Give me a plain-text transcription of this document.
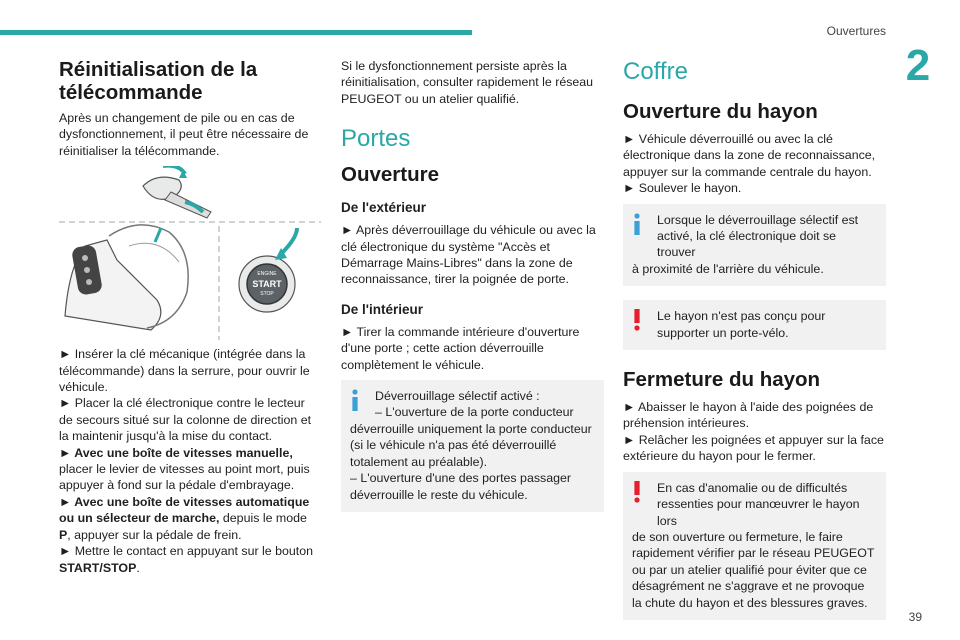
Ouvertures
2
39
Réinitialisation de la télécommande

Après un changement de pile ou en cas de dysfonctionnement, il peut être nécessaire de réinitialiser la télécommande.

ENGINE
START
STOP

► Insérer la clé mécanique (intégrée dans la télécommande) dans la serrure, pour ouvrir le véhicule.

► Placer la clé électronique contre le lecteur de secours situé sur la colonne de direction et la maintenir jusqu'à la mise du contact.

► Avec une boîte de vitesses manuelle,
placer le levier de vitesses au point mort, puis appuyer à fond sur la pédale d'embrayage.

► Avec une boîte de vitesses automatique ou un sélecteur de marche, depuis le mode P, appuyer sur la pédale de frein.

► Mettre le contact en appuyant sur le bouton START/STOP.

Si le dysfonctionnement persiste après la réinitialisation, consulter rapidement le réseau PEUGEOT ou un atelier qualifié.

Portes
Ouverture
De l'extérieur

► Après déverrouillage du véhicule ou avec la clé électronique du système "Accès et Démarrage Mains-Libres" dans la zone de reconnaissance, tirer la poignée de porte.

De l'intérieur

► Tirer la commande intérieure d'ouverture d'une porte ; cette action déverrouille complètement le véhicule.

Déverrouillage sélectif activé :
– L'ouverture de la porte conducteur
déverrouille uniquement la porte conducteur (si le véhicule n'a pas été déverrouillé totalement au préalable).
– L'ouverture d'une des portes passager déverrouille le reste du véhicule.
Coffre
Ouverture du hayon

► Véhicule déverrouillé ou avec la clé électronique dans la zone de reconnaissance, appuyer sur la commande centrale du hayon.

► Soulever le hayon.

Lorsque le déverrouillage sélectif est activé, la clé électronique doit se trouver
à proximité de l'arrière du véhicule.
Le hayon n'est pas conçu pour supporter un porte-vélo.
Fermeture du hayon

► Abaisser le hayon à l'aide des poignées de préhension intérieures.

► Relâcher les poignées et appuyer sur la face extérieure du hayon pour le fermer.

En cas d'anomalie ou de difficultés ressenties pour manœuvrer le hayon lors
de son ouverture ou fermeture, le faire rapidement vérifier par le réseau PEUGEOT ou par un atelier qualifié pour éviter que ce désagrément ne s'aggrave et ne provoque la chute du hayon et des blessures graves.
